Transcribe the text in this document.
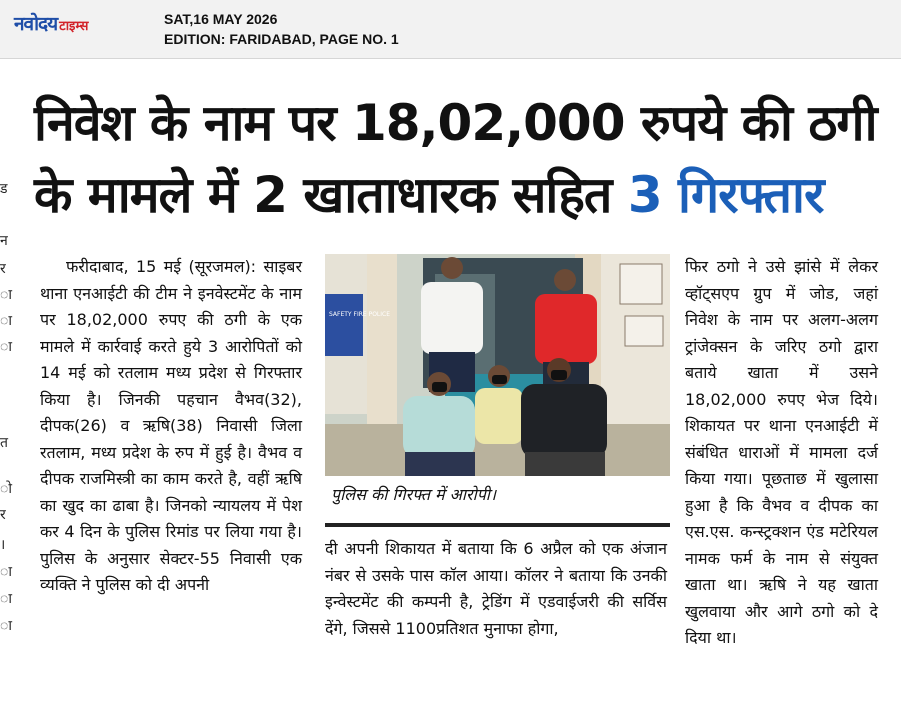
नवोदय टाइम्स	SAT,16 MAY 2026
EDITION: FARIDABAD, PAGE NO. 1
ड
न
र
ा
ा
ा
त
ो
र
।
ा
ा
ा
निवेश के नाम पर 18,02,000 रुपये की ठगी
के मामले में 2 खाताधारक सहित 3 गिरफ्तार
फरीदाबाद, 15 मई (सूरजमल): साइबर थाना एनआईटी की टीम ने इनवेस्टमेंट के नाम पर 18,02,000 रुपए की ठगी के एक मामले में कार्रवाई करते हुये 3 आरोपितों को 14 मई को रतलाम मध्य प्रदेश से गिरफ्तार किया है। जिनकी पहचान वैभव(32), दीपक(26) व ऋषि(38) निवासी जिला रतलाम, मध्य प्रदेश के रुप में हुई है। वैभव व दीपक राजमिस्त्री का काम करते है, वहीं ऋषि का खुद का ढाबा है। जिनको न्यायलय में पेश कर 4 दिन के पुलिस रिमांड पर लिया गया है। पुलिस के अनुसार सेक्टर-55 निवासी एक व्यक्ति ने पुलिस को दी अपनी
SAFETY FIRE POLICE
पुलिस की गिरफ्त में आरोपी।
दी अपनी शिकायत में बताया कि 6 अप्रैल को एक अंजान नंबर से उसके पास कॉल आया। कॉलर ने बताया कि उनकी इन्वेस्टमेंट की कम्पनी है, ट्रेडिंग में एडवाईजरी की सर्विस देंगे, जिससे 1100प्रतिशत मुनाफा होगा,
फिर ठगो ने उसे झांसे में लेकर व्हॉट्सएप ग्रुप में जोड, जहां निवेश के नाम पर अलग-अलग ट्रांजेक्सन के जरिए ठगो द्वारा बताये खाता में उसने 18,02,000 रुपए भेज दिये। शिकायत पर थाना एनआईटी में संबंधित धाराओं में मामला दर्ज किया गया। पूछताछ में खुलासा हुआ है कि वैभव व दीपक का एस.एस. कन्स्ट्रक्शन एंड मटेरियल नामक फर्म के नाम से संयुक्त खाता था। ऋषि ने यह खाता खुलवाया और आगे ठगो को दे दिया था।
